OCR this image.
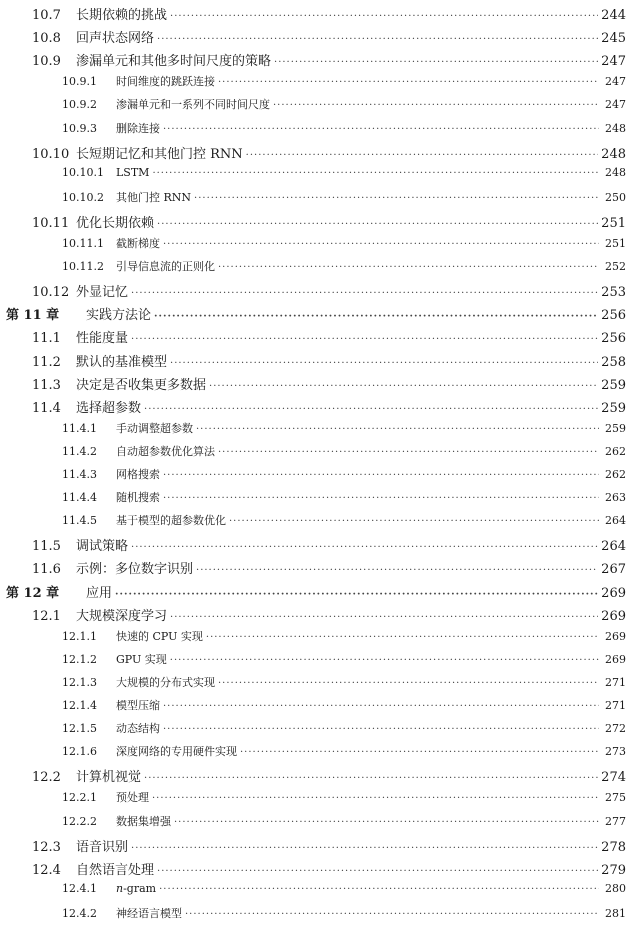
10.7	长期依赖的挑战 ·····	244
10.8	回声状态网络 ·····	245
10.9	渗漏单元和其他多时间尺度的策略 ·····	247
10.9.1	时间维度的跳跃连接 ·····	247
10.9.2	渗漏单元和一系列不同时间尺度 ·····	247
10.9.3	删除连接 ·····	248
10.10 长短期记忆和其他门控 RNN ·····	248
10.10.1	LSTM ·····	248
10.10.2	其他门控 RNN ·····	250
10.11 优化长期依赖 ·····	251
10.11.1	截断梯度 ·····	251
10.11.2	引导信息流的正则化 ·····	252
10.12 外显记忆 ·····	253
第 11 章	实践方法论 ·····	256
11.1	性能度量 ·····	256
11.2	默认的基准模型 ·····	258
11.3	决定是否收集更多数据 ·····	259
11.4	选择超参数 ·····	259
11.4.1	手动调整超参数 ·····	259
11.4.2	自动超参数优化算法 ·····	262
11.4.3	网格搜索 ·····	262
11.4.4	随机搜索 ·····	263
11.4.5	基于模型的超参数优化 ·····	264
11.5	调试策略 ·····	264
11.6	示例：多位数字识别 ·····	267
第 12 章	应用 ·····	269
12.1	大规模深度学习 ·····	269
12.1.1	快速的 CPU 实现 ·····	269
12.1.2	GPU 实现 ·····	269
12.1.3	大规模的分布式实现 ·····	271
12.1.4	模型压缩 ·····	271
12.1.5	动态结构 ·····	272
12.1.6	深度网络的专用硬件实现 ·····	273
12.2	计算机视觉 ·····	274
12.2.1	预处理 ·····	275
12.2.2	数据集增强 ·····	277
12.3	语音识别 ·····	278
12.4	自然语言处理 ·····	279
12.4.1	n-gram ·····	280
12.4.2	神经语言模型 ·····	281
